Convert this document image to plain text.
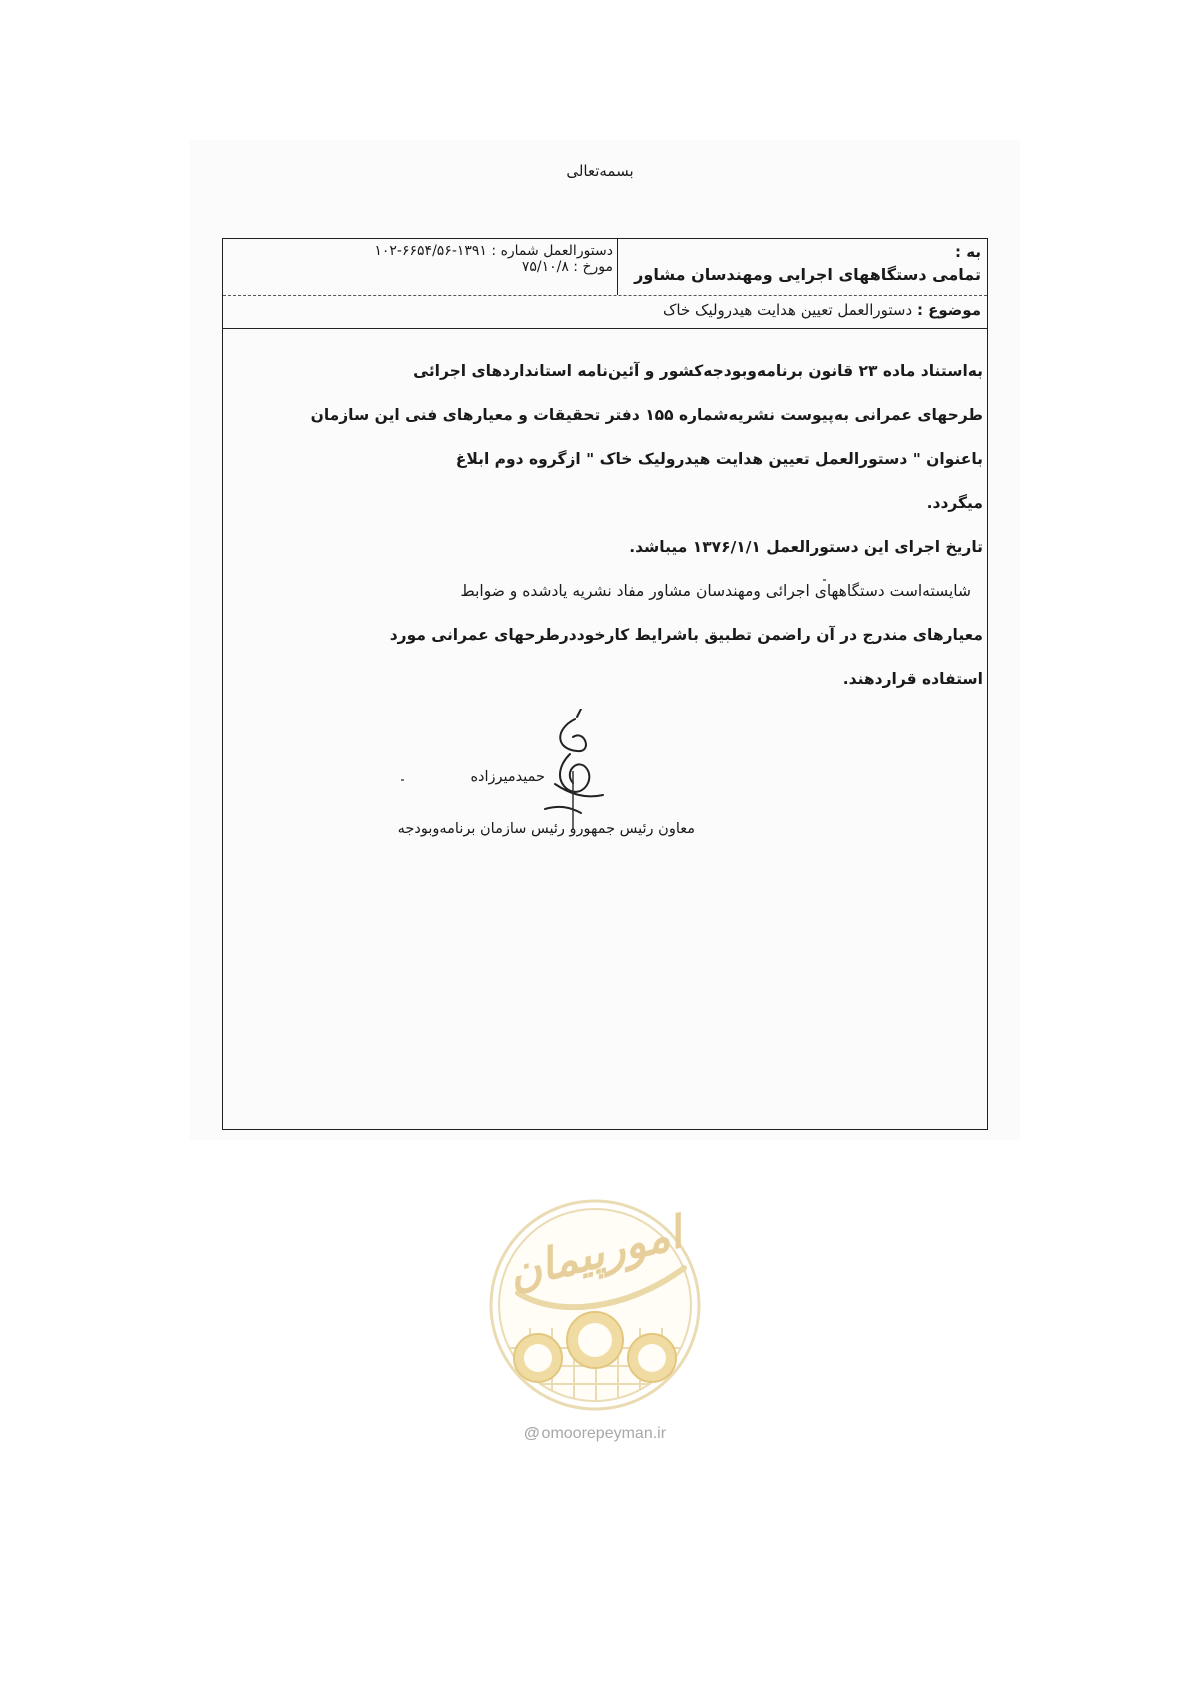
بسمه‌تعالی
به :
تمامی دستگاههای اجرایی ومهندسان مشاور
دستورالعمل شماره : ۱۰۲-۶۶۵۴/۵۶-۱۳۹۱
مورخ : ۷۵/۱۰/۸
موضوع : دستورالعمل تعیین هدایت هیدرولیک خاک

به‌استناد ماده ۲۳ قانون برنامه‌وبودجه‌کشور و آئین‌نامه استانداردهای اجرائی

طرحهای عمرانی به‌پیوست نشریه‌شماره ۱۵۵ دفتر تحقیقات و معیارهای فنی این سازمان

باعنوان " دستورالعمل تعیین هدایت هیدرولیک خاک " ازگروه دوم ابلاغ

میگردد.

تاریخ اجرای این دستورالعمل ۱۳۷۶/۱/۱ میباشد.

شایسته‌است دستگاههای اجرائی ومهندسان مشاور مفاد نشریه یادشده‌ و ضوابط

معیارهای مندرج در آن راضمن تطبیق باشرایط کارخوددرطرحهای عمرانی مورد

استفاده قراردهند.

حمیدمیرزاده
معاون رئیس جمهورو رئیس سازمان برنامه‌وبودجه
امورپیمان
@ omoorepeyman.ir
